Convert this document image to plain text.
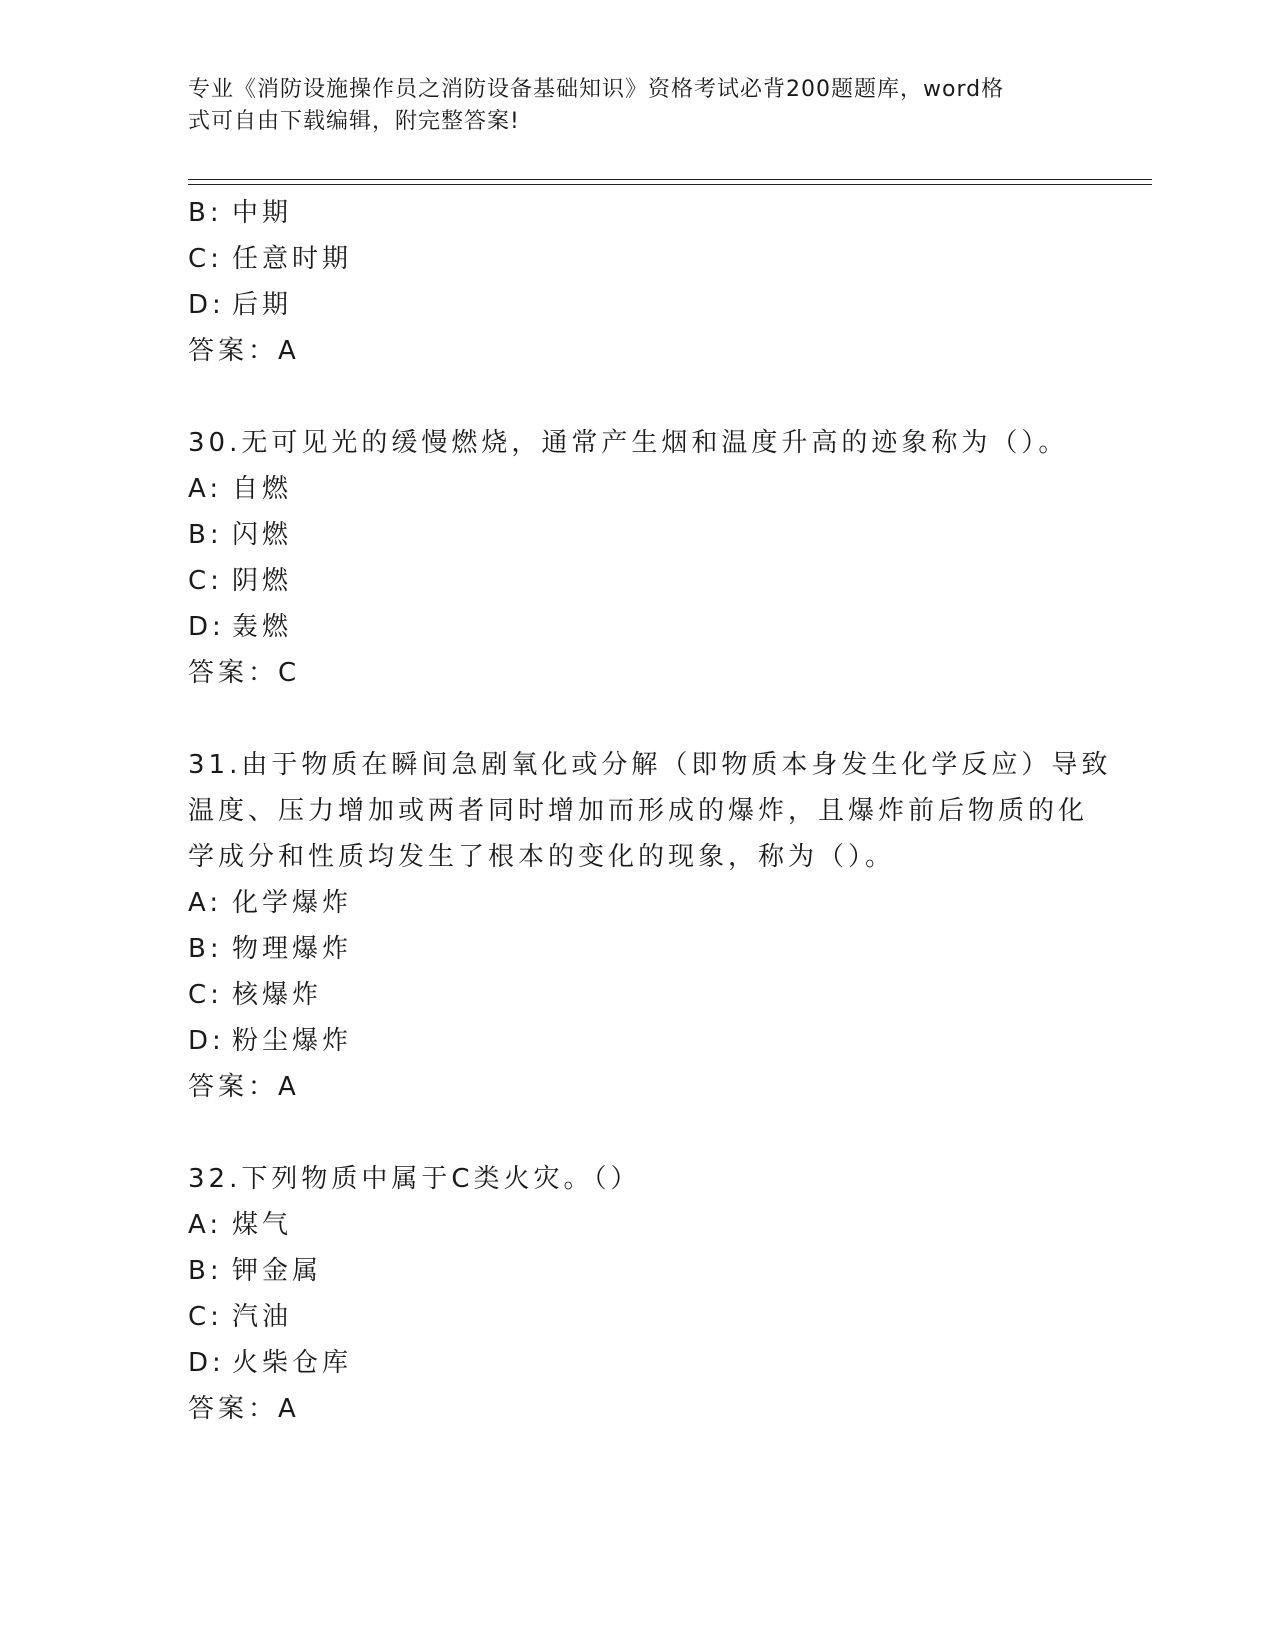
专业《消防设施操作员之消防设备基础知识》资格考试必背200题题库，word格
式可自由下载编辑，附完整答案!
B: 中期
C: 任意时期
D: 后期
答案：A
30.无可见光的缓慢燃烧，通常产生烟和温度升高的迹象称为（）。
A: 自燃
B: 闪燃
C: 阴燃
D: 轰燃
答案：C
31.由于物质在瞬间急剧氧化或分解（即物质本身发生化学反应）导致
温度、压力增加或两者同时增加而形成的爆炸，且爆炸前后物质的化
学成分和性质均发生了根本的变化的现象，称为（）。
A: 化学爆炸
B: 物理爆炸
C: 核爆炸
D: 粉尘爆炸
答案：A
32.下列物质中属于C类火灾。（）
A: 煤气
B: 钾金属
C: 汽油
D: 火柴仓库
答案：A
